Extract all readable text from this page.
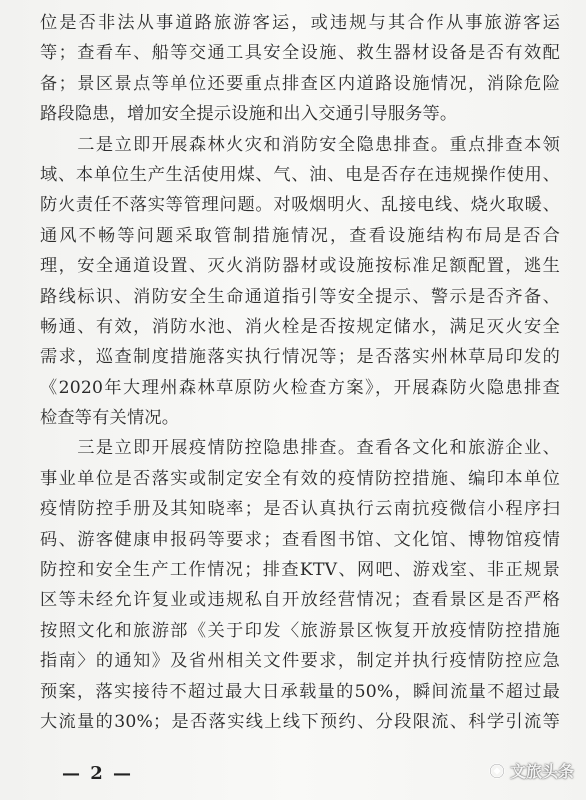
位是否非法从事道路旅游客运，或违规与其合作从事旅游客运
等；查看车、船等交通工具安全设施、救生器材设备是否有效配
备；景区景点等单位还要重点排查区内道路设施情况，消除危险
路段隐患，增加安全提示设施和出入交通引导服务等。
　　二是立即开展森林火灾和消防安全隐患排查。重点排查本领
域、本单位生产生活使用煤、气、油、电是否存在违规操作使用、
防火责任不落实等管理问题。对吸烟明火、乱接电线、烧火取暖、
通风不畅等问题采取管制措施情况，查看设施结构布局是否合
理，安全通道设置、灭火消防器材或设施按标准足额配置，逃生
路线标识、消防安全生命通道指引等安全提示、警示是否齐备、
畅通、有效，消防水池、消火栓是否按规定储水，满足灭火安全
需求，巡查制度措施落实执行情况等；是否落实州林草局印发的
《2020年大理州森林草原防火检查方案》，开展森防火隐患排查
检查等有关情况。
　　三是立即开展疫情防控隐患排查。查看各文化和旅游企业、
事业单位是否落实或制定安全有效的疫情防控措施、编印本单位
疫情防控手册及其知晓率；是否认真执行云南抗疫微信小程序扫
码、游客健康申报码等要求；查看图书馆、文化馆、博物馆疫情
防控和安全生产工作情况；排查KTV、网吧、游戏室、非正规景
区等未经允许复业或违规私自开放经营情况；查看景区是否严格
按照文化和旅游部《关于印发〈旅游景区恢复开放疫情防控措施
指南〉的通知》及省州相关文件要求，制定并执行疫情防控应急
预案，落实接待不超过最大日承载量的50%，瞬间流量不超过最
大流量的30%；是否落实线上线下预约、分段限流、科学引流等
— 2 —	文旅头条
